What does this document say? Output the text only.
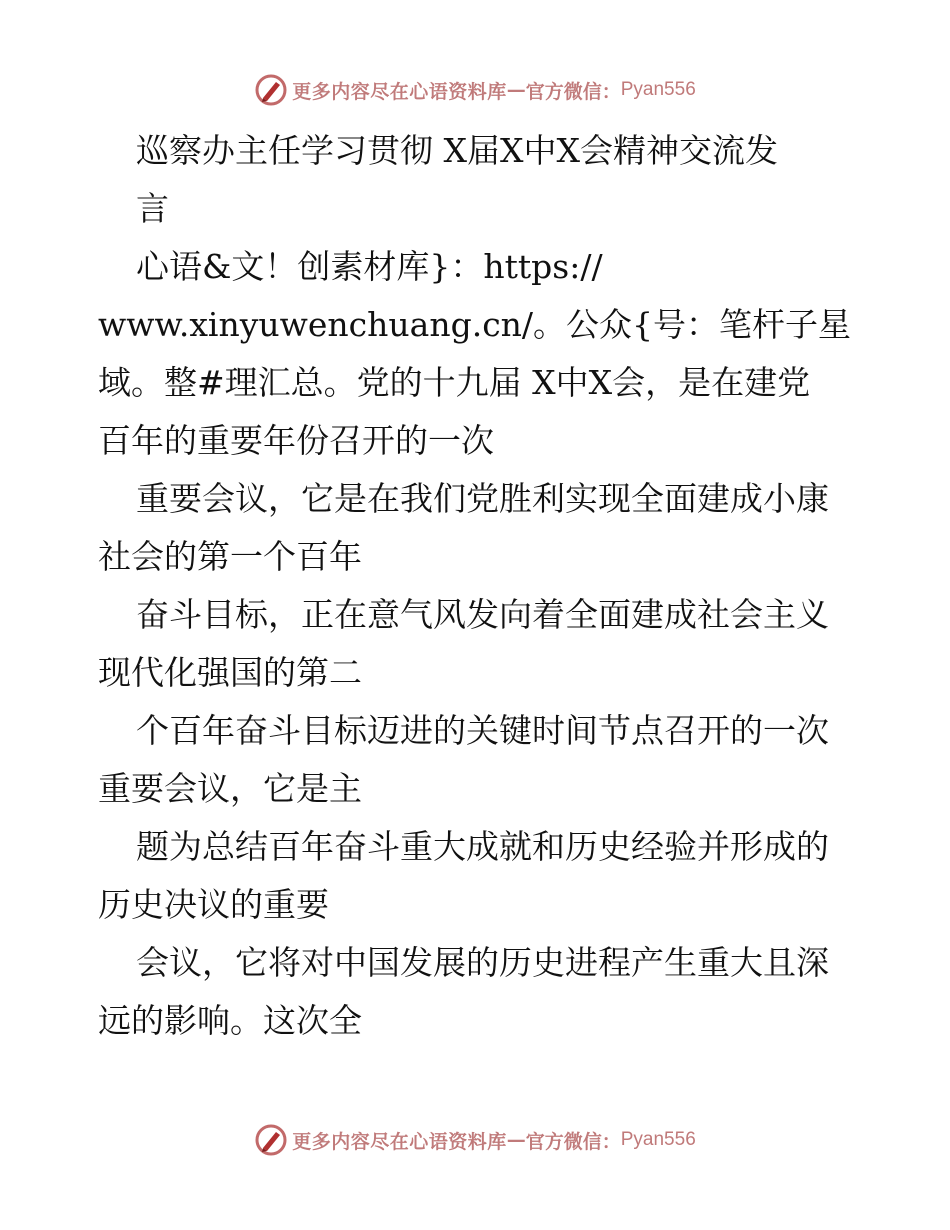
更多内容尽在心语资料库 — 官方微信： Pyan556
巡察办主任学习贯彻 X届X中X会精神交流发
言
心语&文！创素材库}：https://
www.xinyuwenchuang.cn/。公众{号：笔杆子星
域。整#理汇总。党的十九届 X中X会，是在建党
百年的重要年份召开的一次
重要会议，它是在我们党胜利实现全面建成小康
社会的第一个百年
奋斗目标，正在意气风发向着全面建成社会主义
现代化强国的第二
个百年奋斗目标迈进的关键时间节点召开的一次
重要会议，它是主
题为总结百年奋斗重大成就和历史经验并形成的
历史决议的重要
会议，它将对中国发展的历史进程产生重大且深
远的影响。这次全
更多内容尽在心语资料库 — 官方微信： Pyan556
